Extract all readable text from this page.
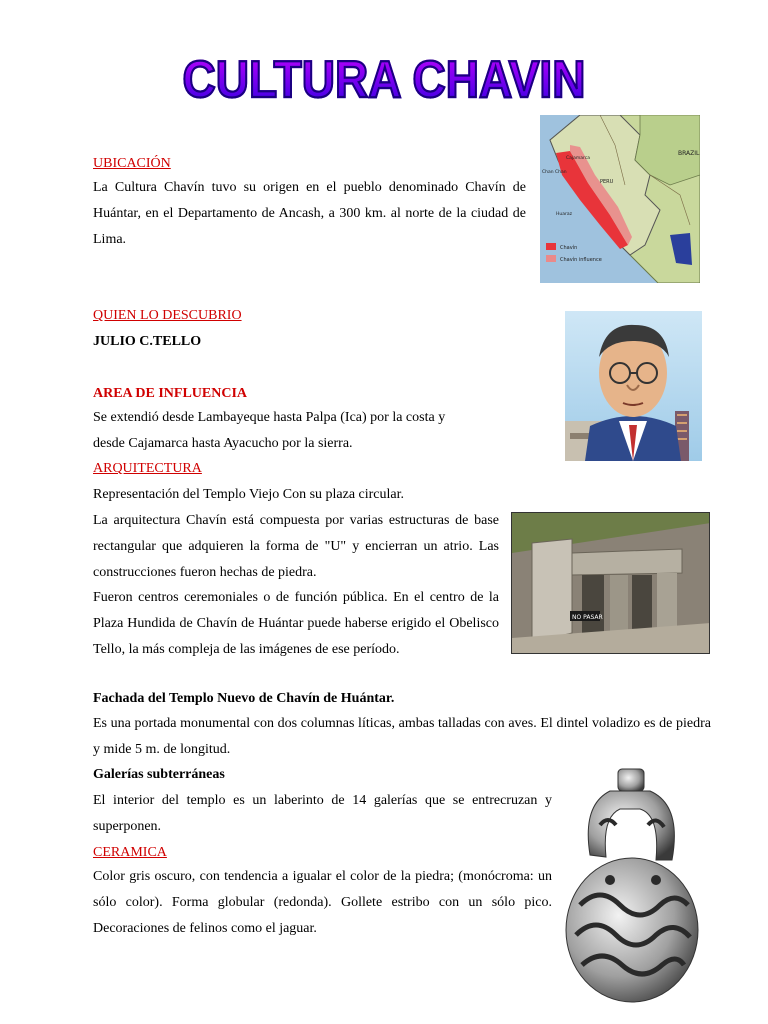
CULTURA CHAVIN
UBICACIÓN
La Cultura Chavín tuvo su origen en el pueblo denominado Chavín de Huántar, en el Departamento de Ancash, a 300 km. al norte de la ciudad de Lima.
BRAZIL
PERU
Cajamarca
Chan Chan
Huaraz
Chavín
Chavín influence
QUIEN LO DESCUBRIO
JULIO C.TELLO
AREA DE INFLUENCIA
Se extendió desde Lambayeque hasta Palpa (Ica) por la costa y
desde Cajamarca hasta Ayacucho por la sierra.
ARQUITECTURA
Representación del Templo Viejo Con su plaza circular.
La arquitectura Chavín está compuesta por varias estructuras de base rectangular que adquieren la forma de "U" y encierran un atrio. Las construcciones fueron hechas de piedra.
Fueron centros ceremoniales o de función pública. En el centro de la Plaza Hundida de Chavín de Huántar puede haberse erigido el Obelisco Tello, la más compleja de las imágenes de ese período.
NO PASAR
Fachada del Templo Nuevo de Chavín de Huántar.
Es una portada monumental con dos columnas líticas, ambas talladas con aves. El dintel voladizo es de piedra y mide 5 m. de longitud.
Galerías subterráneas
El interior del templo es un laberinto de 14 galerías que se entrecruzan y superponen.
CERAMICA
Color gris oscuro, con tendencia a igualar el color de la piedra; (monócroma: un sólo color). Forma globular (redonda). Gollete estribo con un sólo pico. Decoraciones de felinos como el jaguar.
